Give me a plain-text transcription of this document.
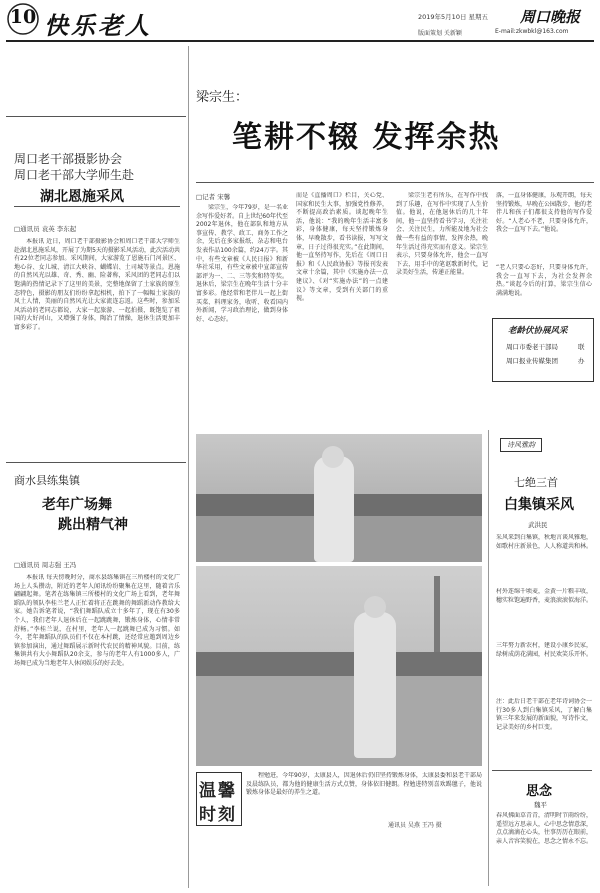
10 快乐老人	2019年5月10日 星期五 周口晚报
版面策划 关新颖	E-mail:zkwbkl@163.com
周口老干部摄影协会
周口老干部大学师生赴
湖北恩施采风
□通讯员 袁英 李东起
本报讯 近日，周口老干部摄影协会和周口老干部大学师生赴湖北恩施采风，开展了为期5天的摄影采风活动，此次活动共有22位老同志参加。采风期间，大家游览了恩施石门河景区、地心谷、女儿城、清江大峡谷、蝴蝶岩、土司城等景点。恩施的自然风光以雄、奇、秀、幽、险著称，采风团的老同志们以饱满的热情记录下了这里的美景，完整地保留了土家族的原生态特色，摄影的朋友们纷纷拿起相机，拍下了一幅幅土家族的风土人情，美丽的自然风光让大家流连忘返。这些时，参加采风活动的老同志都说，大家一起旅游、一起拍摄，既饱览了祖国的大好河山，又增强了身体，陶冶了情操，退休生活更加丰富多彩了。
商水县练集镇
老年广场舞
跳出精气神
□通讯员 周志强 王冯
本报讯 每天傍晚时分，商水县练集镇在三所楼村的文化广场上人头攒动，附近的老年人闻讯纷纷聚集在这里，随着音乐翩翩起舞。笔者在练集镇三所楼村的文化广场上看到，老年舞蹈队的领队李桂兰老人正忙着将正在跳舞的舞蹈新动作教给大家。她告诉笔者说，“我们舞蹈队成立十多年了，现在有30多个人，我们老年人退休后在一起跳跳舞，锻炼身体，心情非常舒畅。”李桂兰说，在村里，老年人一起跳舞已成为习惯。如今，老年舞蹈队的队员们不仅在本村跳，还经常应邀到周边乡镇参加演出，通过舞蹈展示新时代农民的精神风貌。目前，练集镇共有大小舞蹈队20余支，参与的老年人有1000多人，广场舞已成为当地老年人休闲娱乐的好去处。
梁宗生：
笔耕不辍 发挥余热
□记者 宋馨
梁宗生，今年79岁，是一名业余写作爱好者。自上世纪60年代至2002年退休，他在部队和地方从事宣传、教学、政工、商务工作之余，先后在多家报纸、杂志和电台发表作品100余篇，约24万字。其中，有些文章被《人民日报》和新华社采用，有些文章被中宣部宣传部评为一、二、三等奖和特等奖。退休后，梁宗生在晚年生活十分丰富多彩。他经常和老伴儿一起上街买菜、料理家务，收听、收看国内外新闻，学习政治理论，做到身体好、心态好。
而是《直播周口》栏目，关心党、国家和民生大事，加强党性修养，不断提高政治素质。谈起晚年生活，他说：“我的晚年生活丰富多彩，身体健康，每天坚持锻炼身体，早晚散步，看书读报，写写文章，日子过得很充实。”在此期间，他一直坚持写作，先后在《周口日报》和《人民政协报》等报刊发表文章十余篇，其中《实施办法一点建议》、《对“实施办法”的一点建议》等文章，受到有关部门的重视。
梁宗生老有所乐，在写作中找到了乐趣，在写作中实现了人生价值。他说，在他退休后的几十年间，他一直坚持看书学习，关注社会、关注民生，力所能及地为社会做一些有益的事情，发挥余热，晚年生活过得充实而有意义。梁宗生表示，只要身体允许，他会一直写下去，用手中的笔讴歌新时代，记录美好生活，传递正能量。
落，一直身体健康，乐观开朗，每天坚持锻炼，早晚在公园散步，他的老伴儿和孩子们都很支持他的写作爱好。“人老心不老，只要身体允许，我会一直写下去。”他说。
“老人只要心态好，只要身体允许，我会一直写下去，为社会发挥余热。”谈起今后的打算，梁宗生信心满满地说。
老龄伏协展风采
周口市委老干部局
周口报业传媒集团
联
办
温馨
时刻
程勉进，今年90岁，太康县人，因退休后仍旧坚持锻炼身体，太康县委和县老干部局及晨练队员，都为他的健康生活方式点赞，身体依旧健朗。程勉进特别喜欢踢毽子，他说锻炼身体是最好的养生之道。
通讯员 吴燕 王冯 摄
诗风雅韵
七绝三首
白集镇采风
武洪民
采风来到白集镇，秋地言谈风雅地，如歌村庄新景色，人人称道共和林。
村外连绵千顷麦，金黄一片粮丰收，穗实粒饱遍野香，麦浪滚滚似海洋。
三年努力新农村，建设小康乡民家，绿树成荫花满园，村民欢笑乐开怀。
注：此后日老干部在老年诗词协会一行30多人到白集镇采风，了解白集镇三年来发展的新面貌，写诗作文，记录美好的乡村巨变。
思念
魏平
春风拂面草青青，清明时节雨纷纷，遥望远方思亲人，心中思念情意深，点点滴滴在心头，往事历历在眼前，亲人音容笑貌在，思念之情永不忘。
